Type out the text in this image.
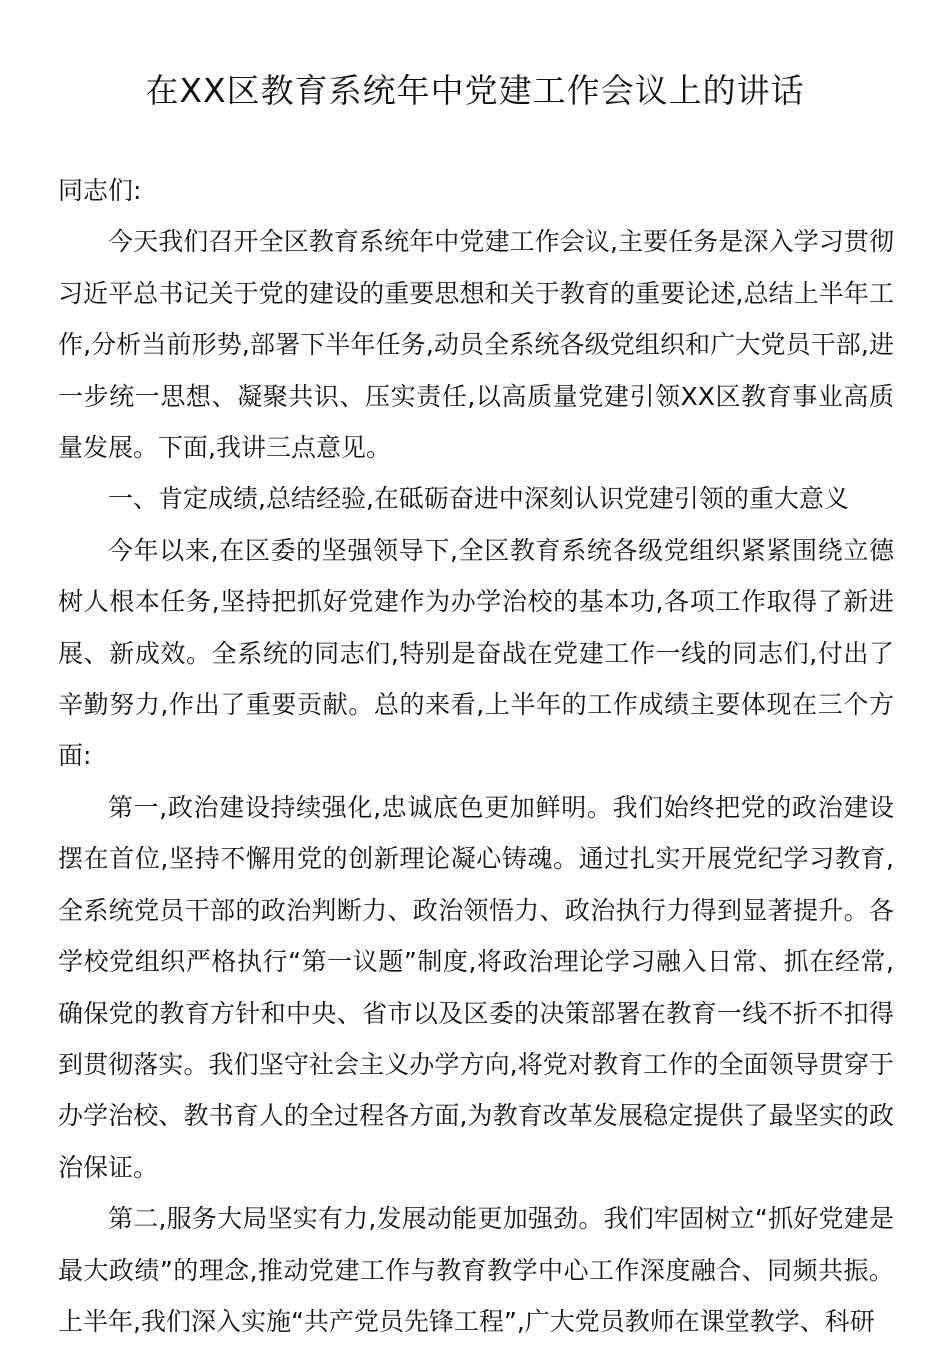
在XX区教育系统年中党建工作会议上的讲话

同志们:

今天我们召开全区教育系统年中党建工作会议,主要任务是深入学习贯彻习近平总书记关于党的建设的重要思想和关于教育的重要论述,总结上半年工作,分析当前形势,部署下半年任务,动员全系统各级党组织和广大党员干部,进一步统一思想、凝聚共识、压实责任,以高质量党建引领XX区教育事业高质量发展。下面,我讲三点意见。

一、肯定成绩,总结经验,在砥砺奋进中深刻认识党建引领的重大意义

今年以来,在区委的坚强领导下,全区教育系统各级党组织紧紧围绕立德树人根本任务,坚持把抓好党建作为办学治校的基本功,各项工作取得了新进展、新成效。全系统的同志们,特别是奋战在党建工作一线的同志们,付出了辛勤努力,作出了重要贡献。总的来看,上半年的工作成绩主要体现在三个方面:

第一,政治建设持续强化,忠诚底色更加鲜明。我们始终把党的政治建设摆在首位,坚持不懈用党的创新理论凝心铸魂。通过扎实开展党纪学习教育,全系统党员干部的政治判断力、政治领悟力、政治执行力得到显著提升。各学校党组织严格执行“第一议题”制度,将政治理论学习融入日常、抓在经常,确保党的教育方针和中央、省市以及区委的决策部署在教育一线不折不扣得到贯彻落实。我们坚守社会主义办学方向,将党对教育工作的全面领导贯穿于办学治校、教书育人的全过程各方面,为教育改革发展稳定提供了最坚实的政治保证。

第二,服务大局坚实有力,发展动能更加强劲。我们牢固树立“抓好党建是最大政绩”的理念,推动党建工作与教育教学中心工作深度融合、同频共振。上半年,我们深入实施“共产党员先锋工程”,广大党员教师在课堂教学、科研
